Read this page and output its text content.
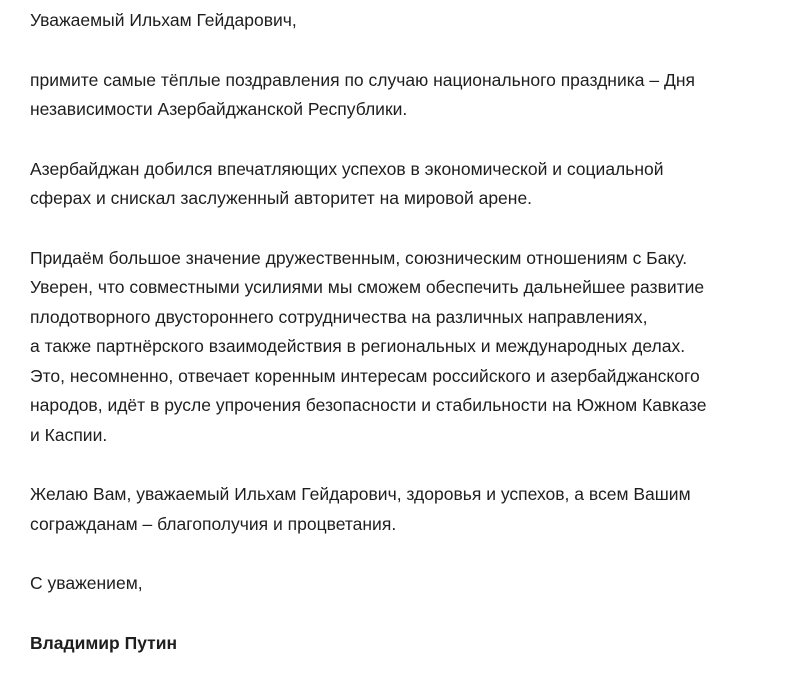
Уважаемый Ильхам Гейдарович,

примите самые тёплые поздравления по случаю национального праздника – Дня
независимости Азербайджанской Республики.

Азербайджан добился впечатляющих успехов в экономической и социальной
сферах и снискал заслуженный авторитет на мировой арене.

Придаём большое значение дружественным, союзническим отношениям с Баку.
Уверен, что совместными усилиями мы сможем обеспечить дальнейшее развитие
плодотворного двустороннего сотрудничества на различных направлениях,
а также партнёрского взаимодействия в региональных и международных делах.
Это, несомненно, отвечает коренным интересам российского и азербайджанского
народов, идёт в русле упрочения безопасности и стабильности на Южном Кавказе
и Каспии.

Желаю Вам, уважаемый Ильхам Гейдарович, здоровья и успехов, а всем Вашим
согражданам – благополучия и процветания.

С уважением,

Владимир Путин
